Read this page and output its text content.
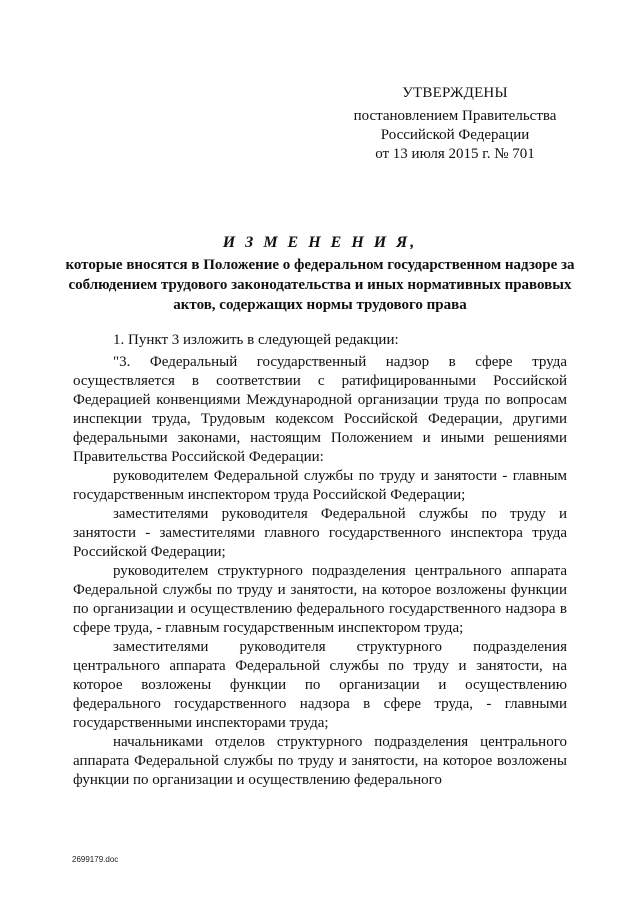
УТВЕРЖДЕНЫ
постановлением Правительства
Российской Федерации
от 13 июля 2015 г. № 701
И З М Е Н Е Н И Я,
которые вносятся в Положение о федеральном государственном надзоре за соблюдением трудового законодательства и иных нормативных правовых актов, содержащих нормы трудового права

1. Пункт 3 изложить в следующей редакции:

"3. Федеральный государственный надзор в сфере труда осуществляется в соответствии с ратифицированными Российской Федерацией конвенциями Международной организации труда по вопросам инспекции труда, Трудовым кодексом Российской Федерации, другими федеральными законами, настоящим Положением и иными решениями Правительства Российской Федерации:

руководителем Федеральной службы по труду и занятости - главным государственным инспектором труда Российской Федерации;

заместителями руководителя Федеральной службы по труду и занятости - заместителями главного государственного инспектора труда Российской Федерации;

руководителем структурного подразделения центрального аппарата Федеральной службы по труду и занятости, на которое возложены функции по организации и осуществлению федерального государственного надзора в сфере труда, - главным государственным инспектором труда;

заместителями руководителя структурного подразделения центрального аппарата Федеральной службы по труду и занятости, на которое возложены функции по организации и осуществлению федерального государственного надзора в сфере труда, - главными государственными инспекторами труда;

начальниками отделов структурного подразделения центрального аппарата Федеральной службы по труду и занятости, на которое возложены функции по организации и осуществлению федерального

2699179.doc
